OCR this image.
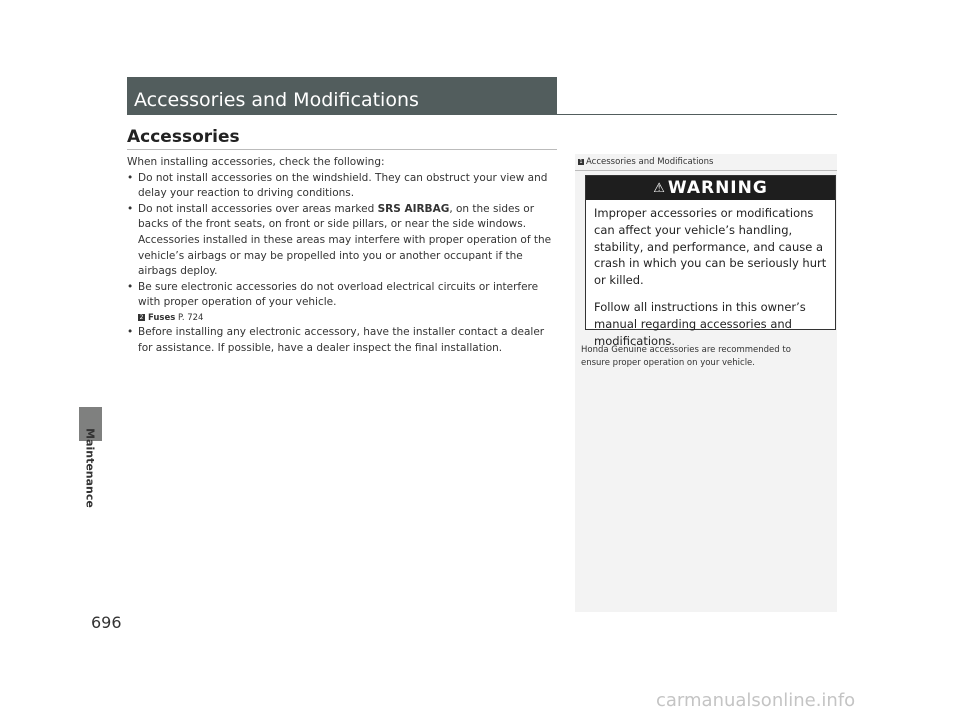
Maintenance
696
Accessories and Modifications
Accessories

When installing accessories, check the following:

• Do not install accessories on the windshield. They can obstruct your view and delay your reaction to driving conditions.

• Do not install accessories over areas marked SRS AIRBAG, on the sides or backs of the front seats, on front or side pillars, or near the side windows.
Accessories installed in these areas may interfere with proper operation of the vehicle’s airbags or may be propelled into you or another occupant if the airbags deploy.

• Be sure electronic accessories do not overload electrical circuits or interfere with proper operation of your vehicle.

2 Fuses P. 724

• Before installing any electronic accessory, have the installer contact a dealer for assistance. If possible, have a dealer inspect the final installation.

1 Accessories and Modifications
⚠ WARNING

Improper accessories or modifications can affect your vehicle’s handling, stability, and performance, and cause a crash in which you can be seriously hurt or killed.

Follow all instructions in this owner’s manual regarding accessories and modifications.

Honda Genuine accessories are recommended to ensure proper operation on your vehicle.
carmanualsonline.info
